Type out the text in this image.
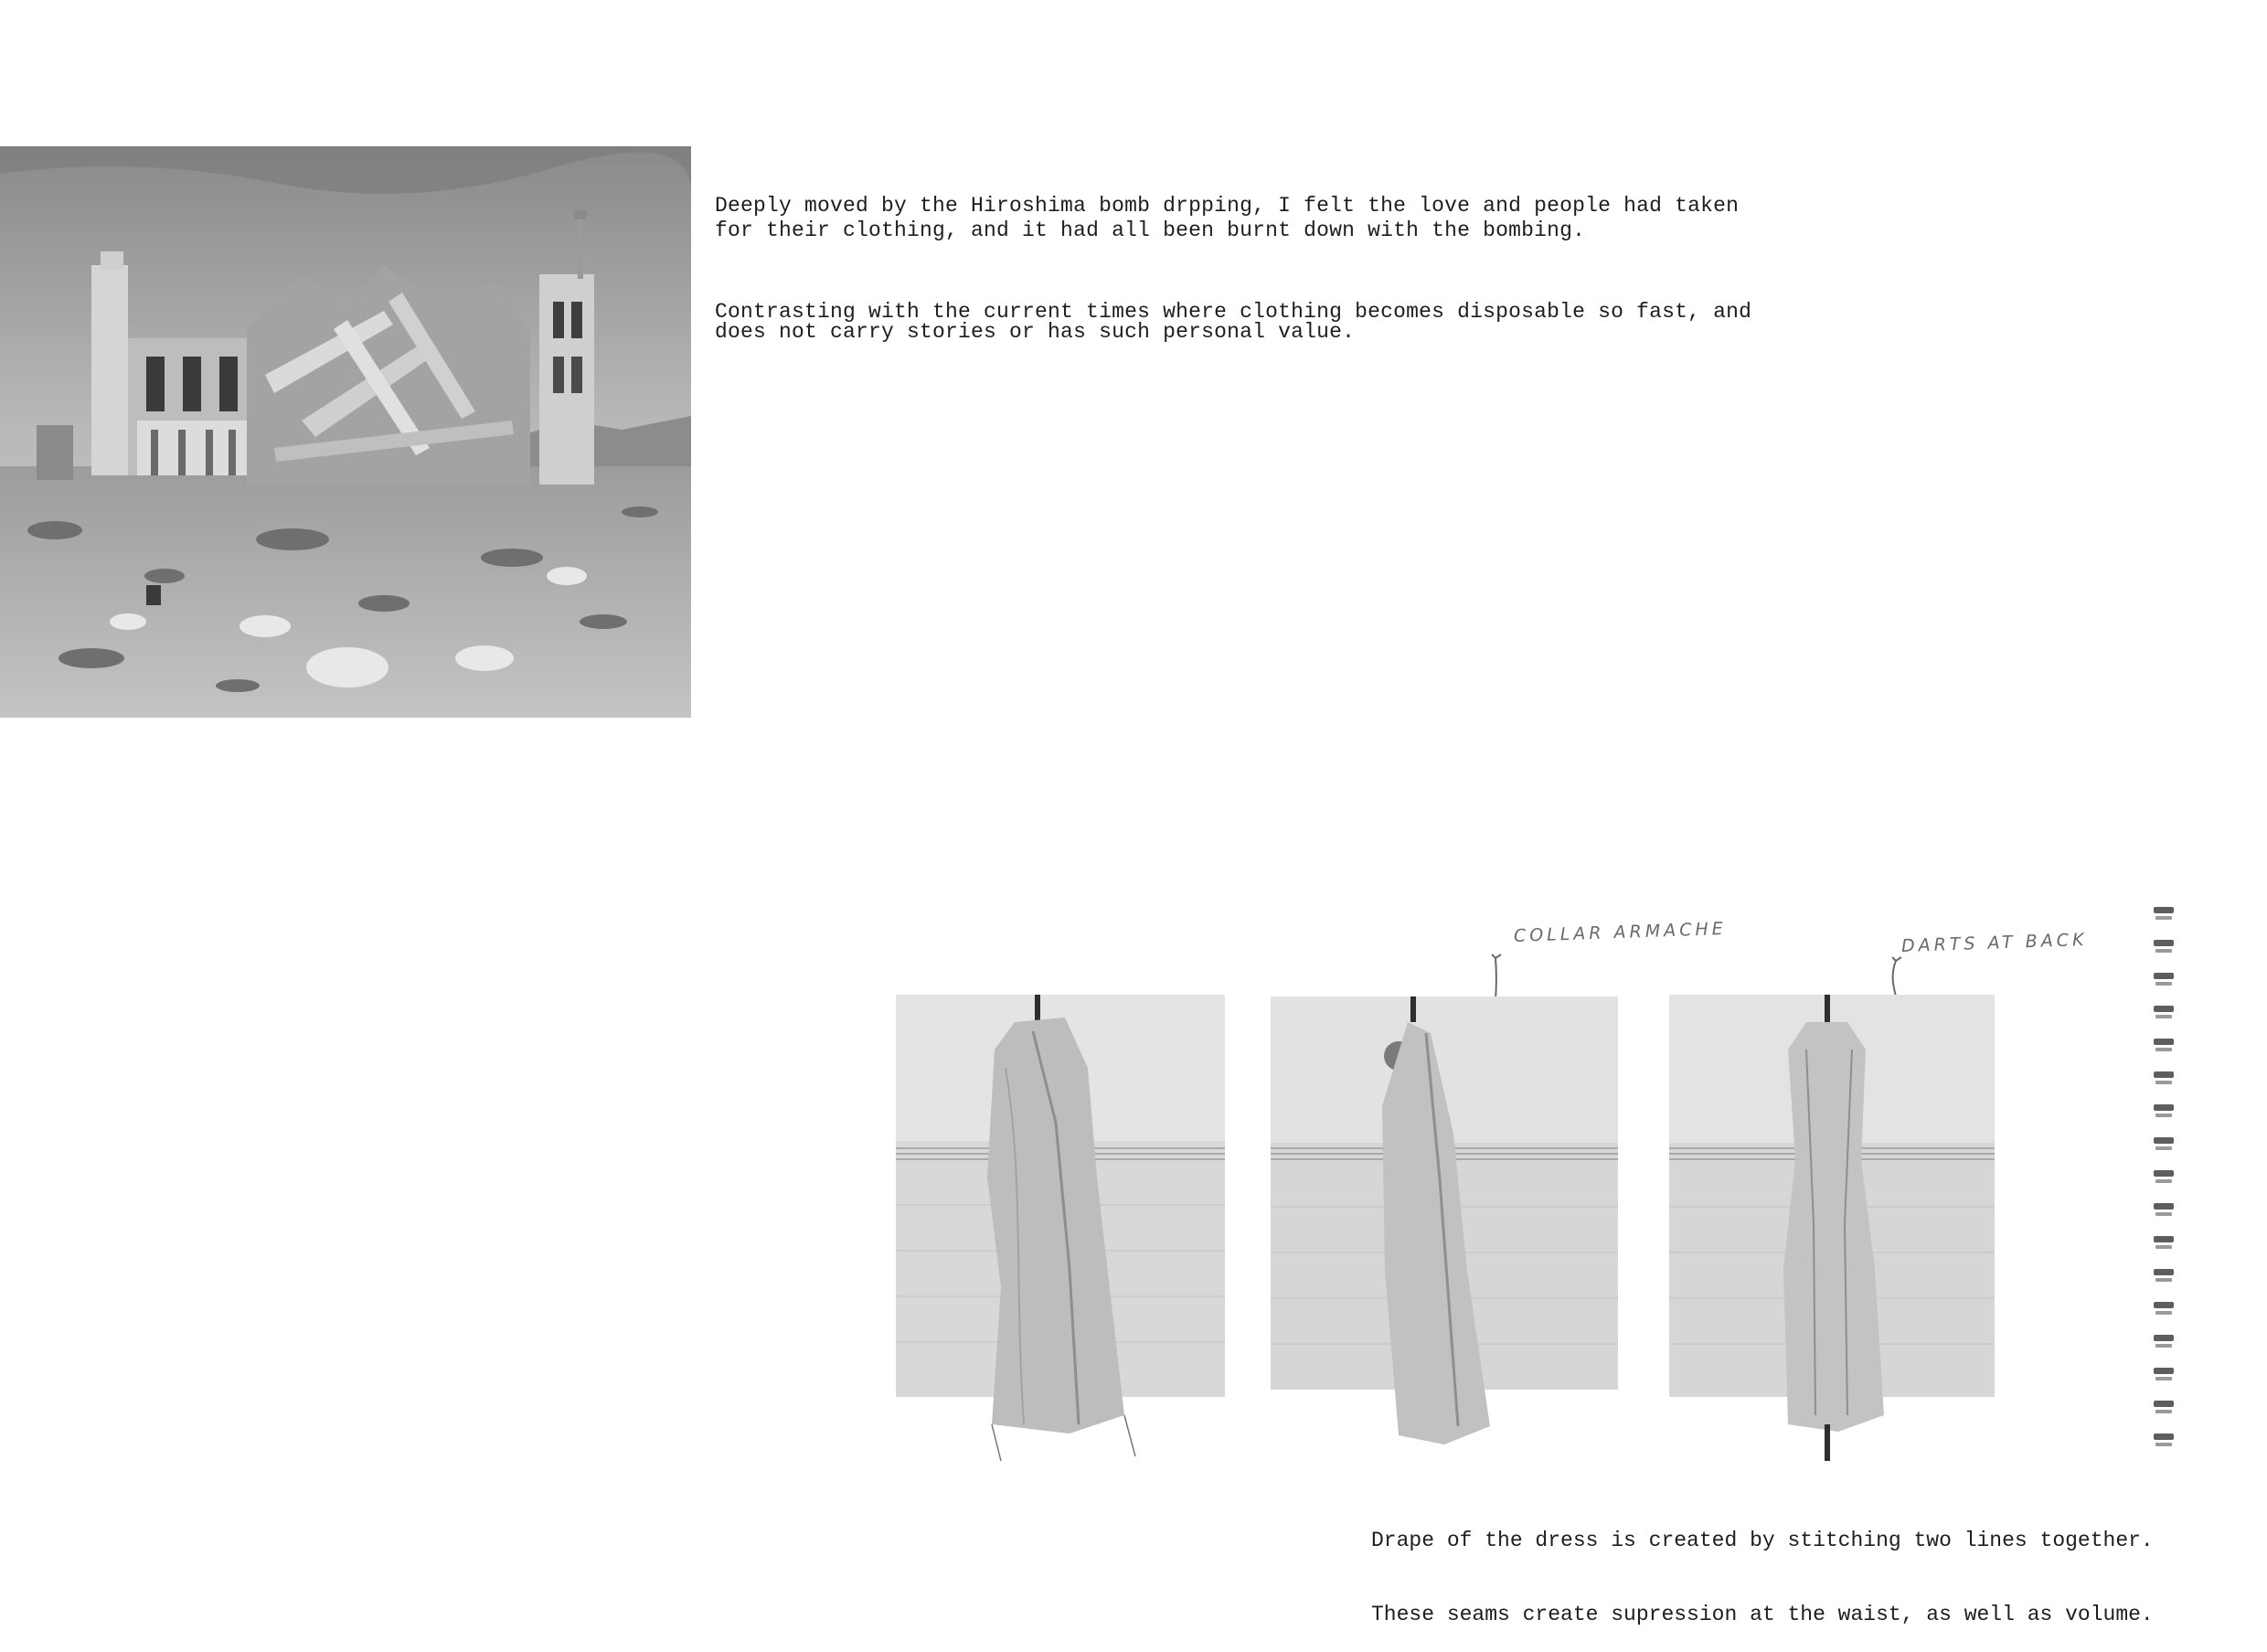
Deeply moved by the Hiroshima bomb drpping, I felt the love and people had taken
for their clothing, and it had all been burnt down with the bombing.

Contrasting with the current times where clothing becomes disposable so fast, and
does not carry stories or has such personal value.

COLLAR ARMACHE	DARTS AT BACK

Drape of the dress is created by stitching two lines together.

These seams create supression at the waist, as well as volume.
